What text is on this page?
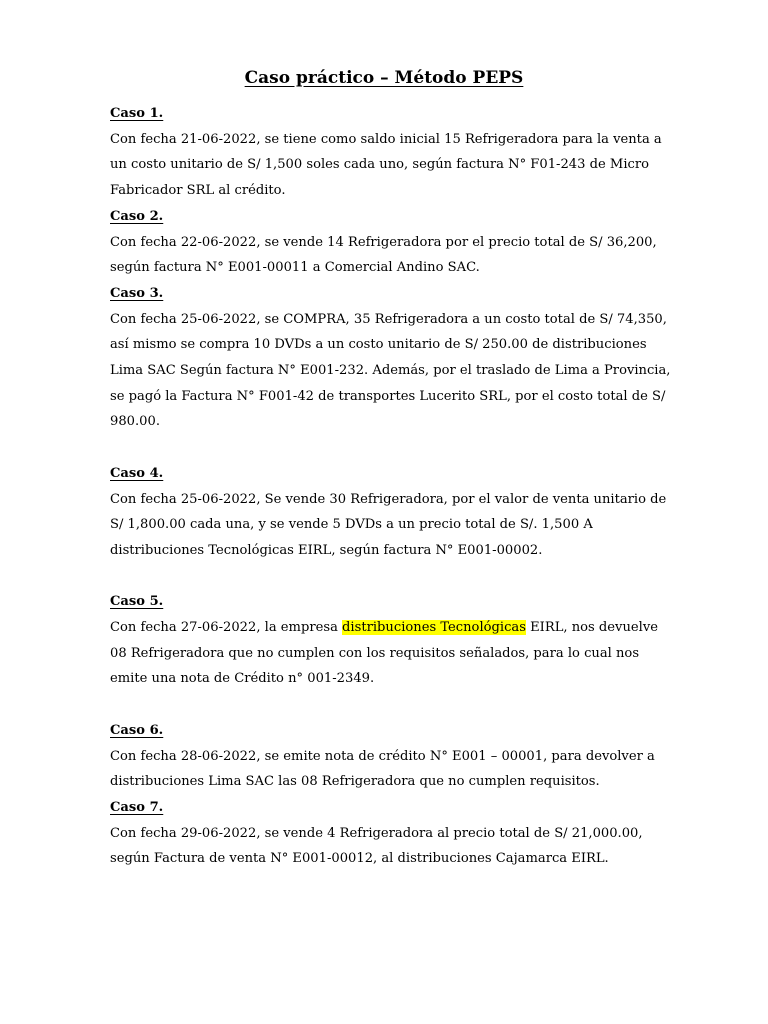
Caso práctico – Método PEPS

Caso 1.

Con fecha 21-06-2022, se tiene como saldo inicial 15 Refrigeradora para la venta a
un costo unitario de S/ 1,500 soles cada uno, según factura N° F01-243 de Micro
Fabricador SRL al crédito.

Caso 2.

Con fecha 22-06-2022, se vende 14 Refrigeradora por el precio total de S/ 36,200,
según factura N° E001-00011 a Comercial Andino SAC.

Caso 3.

Con fecha 25-06-2022, se COMPRA, 35 Refrigeradora a un costo total de S/ 74,350,
así mismo se compra 10 DVDs a un costo unitario de S/ 250.00 de distribuciones
Lima SAC Según factura N° E001-232. Además, por el traslado de Lima a Provincia,
se pagó la Factura N° F001-42 de transportes Lucerito SRL, por el costo total de S/
980.00.

Caso 4.

Con fecha 25-06-2022, Se vende 30 Refrigeradora, por el valor de venta unitario de
S/ 1,800.00 cada una, y se vende 5 DVDs a un precio total de S/. 1,500 A
distribuciones Tecnológicas EIRL, según factura N° E001-00002.

Caso 5.

Con fecha 27-06-2022, la empresa distribuciones Tecnológicas EIRL, nos devuelve
08 Refrigeradora que no cumplen con los requisitos señalados, para lo cual nos
emite una nota de Crédito n° 001-2349.

Caso 6.

Con fecha 28-06-2022, se emite nota de crédito N° E001 – 00001, para devolver a
distribuciones Lima SAC las 08 Refrigeradora que no cumplen requisitos.

Caso 7.

Con fecha 29-06-2022, se vende 4 Refrigeradora al precio total de S/ 21,000.00,
según Factura de venta N° E001-00012, al distribuciones Cajamarca EIRL.
